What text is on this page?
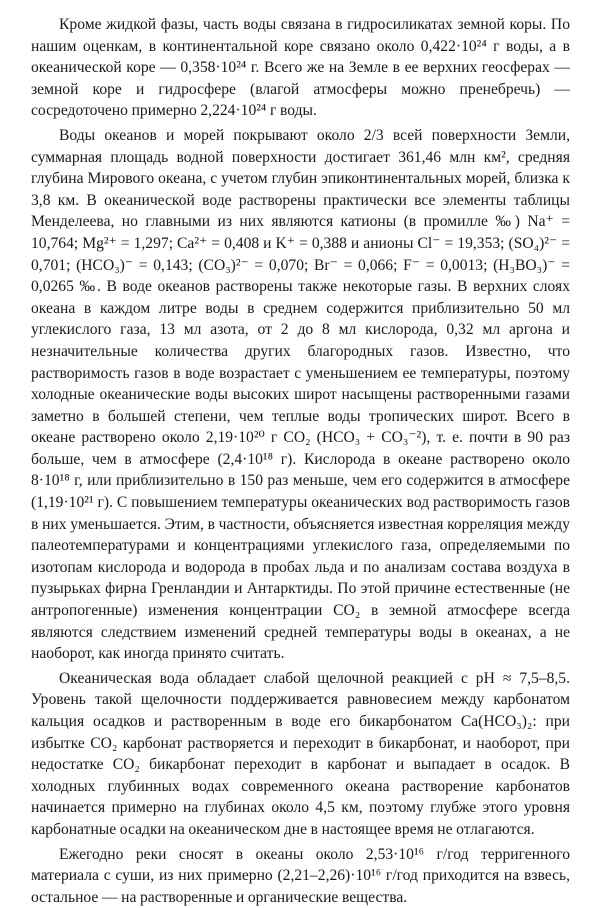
Кроме жидкой фазы, часть воды связана в гидросиликатах земной коры. По нашим оценкам, в континентальной коре связано около 0,422·10²⁴ г воды, а в океанической коре — 0,358·10²⁴ г. Всего же на Земле в ее верхних геосферах — земной коре и гидросфере (влагой атмосферы можно пренебречь) — сосредоточено примерно 2,224·10²⁴ г воды.

Воды океанов и морей покрывают около 2/3 всей поверхности Земли, суммарная площадь водной поверхности достигает 361,46 млн км², средняя глубина Мирового океана, с учетом глубин эпиконтинентальных морей, близка к 3,8 км. В океанической воде растворены практически все элементы таблицы Менделеева, но главными из них являются катионы (в промилле ‰) Na⁺ = 10,764; Mg²⁺ = 1,297; Ca²⁺ = 0,408 и K⁺ = 0,388 и анионы Cl⁻ = 19,353; (SO₄)²⁻ = 0,701; (HCO₃)⁻ = 0,143; (CO₃)²⁻ = 0,070; Br⁻ = 0,066; F⁻ = 0,0013; (H₃BO₃)⁻ = 0,0265 ‰. В воде океанов растворены также некоторые газы. В верхних слоях океана в каждом литре воды в среднем содержится приблизительно 50 мл углекислого газа, 13 мл азота, от 2 до 8 мл кислорода, 0,32 мл аргона и незначительные количества других благородных газов. Известно, что растворимость газов в воде возрастает с уменьшением ее температуры, поэтому холодные океанические воды высоких широт насыщены растворенными газами заметно в большей степени, чем теплые воды тропических широт. Всего в океане растворено около 2,19·10²⁰ г CO₂ (HCO₃ + CO₃⁻²), т. е. почти в 90 раз больше, чем в атмосфере (2,4·10¹⁸ г). Кислорода в океане растворено около 8·10¹⁸ г, или приблизительно в 150 раз меньше, чем его содержится в атмосфере (1,19·10²¹ г). С повышением температуры океанических вод растворимость газов в них уменьшается. Этим, в частности, объясняется известная корреляция между палеотемпературами и концентрациями углекислого газа, определяемыми по изотопам кислорода и водорода в пробах льда и по анализам состава воздуха в пузырьках фирна Гренландии и Антарктиды. По этой причине естественные (не антропогенные) изменения концентрации CO₂ в земной атмосфере всегда являются следствием изменений средней температуры воды в океанах, а не наоборот, как иногда принято считать.

Океаническая вода обладает слабой щелочной реакцией с pH ≈ 7,5–8,5. Уровень такой щелочности поддерживается равновесием между карбонатом кальция осадков и растворенным в воде его бикарбонатом Ca(HCO₃)₂: при избытке CO₂ карбонат растворяется и переходит в бикарбонат, и наоборот, при недостатке CO₂ бикарбонат переходит в карбонат и выпадает в осадок. В холодных глубинных водах современного океана растворение карбонатов начинается примерно на глубинах около 4,5 км, поэтому глубже этого уровня карбонатные осадки на океаническом дне в настоящее время не отлагаются.

Ежегодно реки сносят в океаны около 2,53·10¹⁶ г/год терригенного материала с суши, из них примерно (2,21–2,26)·10¹⁶ г/год приходится на взвесь, остальное — на растворенные и органические вещества.
